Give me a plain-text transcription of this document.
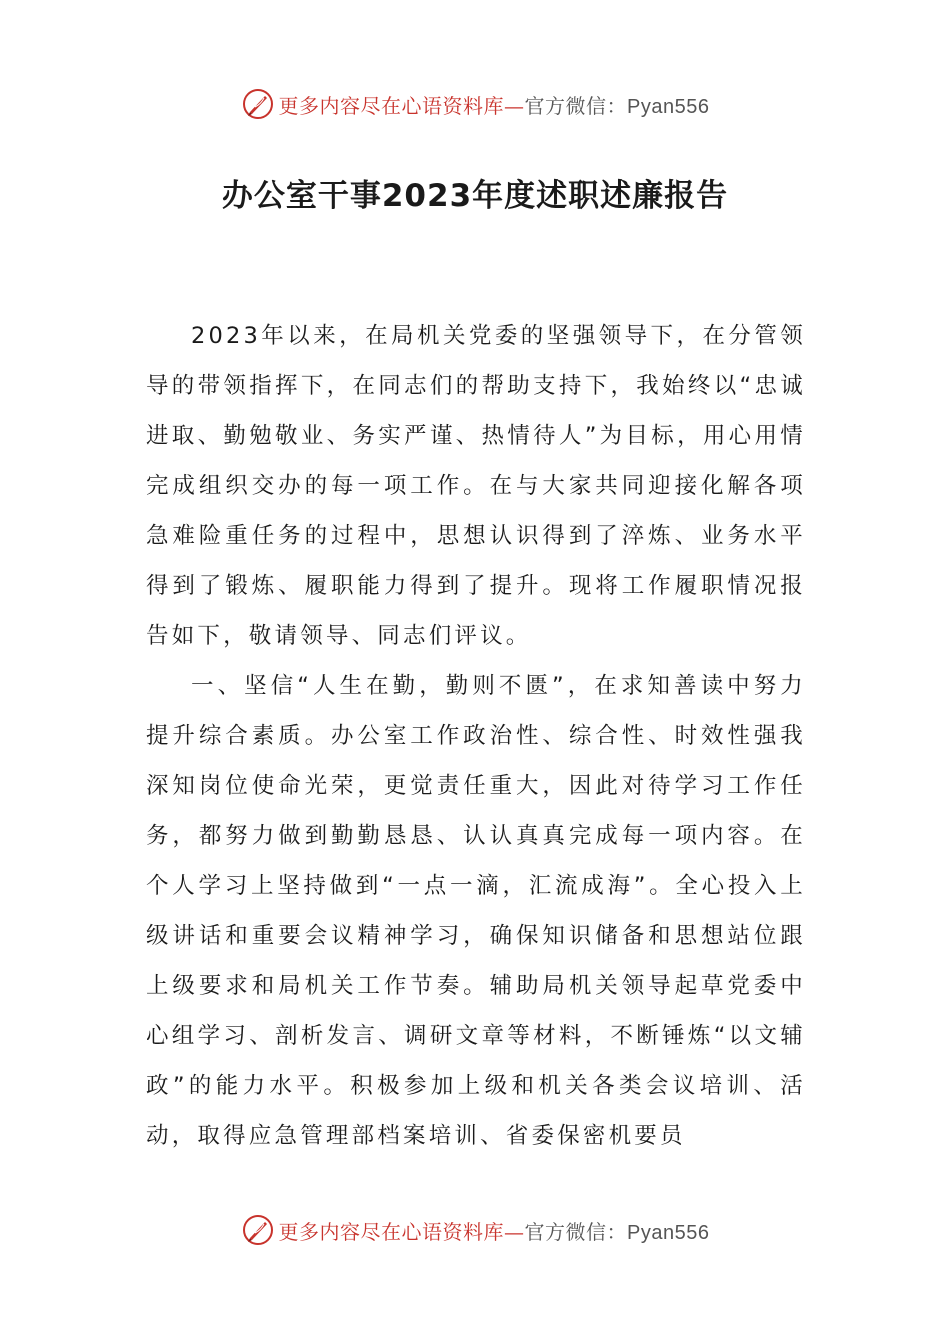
更多内容尽在心语资料库—官方微信：Pyan556
办公室干事2023年度述职述廉报告

2023年以来，在局机关党委的坚强领导下，在分管领导的带领指挥下，在同志们的帮助支持下，我始终以“忠诚进取、勤勉敬业、务实严谨、热情待人”为目标，用心用情完成组织交办的每一项工作。在与大家共同迎接化解各项急难险重任务的过程中，思想认识得到了淬炼、业务水平得到了锻炼、履职能力得到了提升。现将工作履职情况报告如下，敬请领导、同志们评议。

一、坚信“人生在勤，勤则不匮”，在求知善读中努力提升综合素质。办公室工作政治性、综合性、时效性强我深知岗位使命光荣，更觉责任重大，因此对待学习工作任务，都努力做到勤勤恳恳、认认真真完成每一项内容。在个人学习上坚持做到“一点一滴，汇流成海”。全心投入上级讲话和重要会议精神学习，确保知识储备和思想站位跟上级要求和局机关工作节奏。辅助局机关领导起草党委中心组学习、剖析发言、调研文章等材料，不断锤炼“以文辅政”的能力水平。积极参加上级和机关各类会议培训、活动，取得应急管理部档案培训、省委保密机要员

更多内容尽在心语资料库—官方微信：Pyan556
